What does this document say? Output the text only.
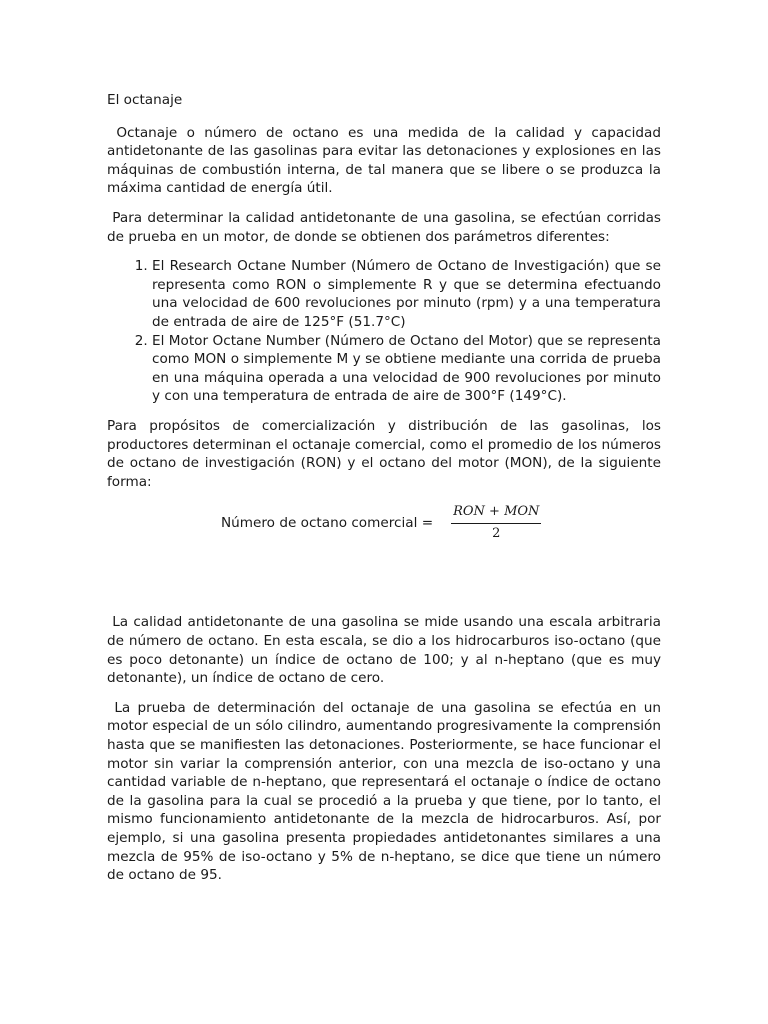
El octanaje

Octanaje o número de octano es una medida de la calidad y capacidad antidetonante de las gasolinas para evitar las detonaciones y explosiones en las máquinas de combustión interna, de tal manera que se libere o se produzca la máxima cantidad de energía útil.

Para determinar la calidad antidetonante de una gasolina, se efectúan corridas de prueba en un motor, de donde se obtienen dos parámetros diferentes:

1. El Research Octane Number (Número de Octano de Investigación) que se representa como RON o simplemente R y que se determina efectuando una velocidad de 600 revoluciones por minuto (rpm) y a una temperatura de entrada de aire de 125°F (51.7°C)
2. El Motor Octane Number (Número de Octano del Motor) que se representa como MON o simplemente M y se obtiene mediante una corrida de prueba en una máquina operada a una velocidad de 900 revoluciones por minuto y con una temperatura de entrada de aire de 300°F (149°C).

Para propósitos de comercialización y distribución de las gasolinas, los productores determinan el octanaje comercial, como el promedio de los números de octano de investigación (RON) y el octano del motor (MON), de la siguiente forma:

Número de octano comercial = $\frac{\text{RON + MON}}{2}$

La calidad antidetonante de una gasolina se mide usando una escala arbitraria de número de octano. En esta escala, se dio a los hidrocarburos iso-octano (que es poco detonante) un índice de octano de 100; y al n-heptano (que es muy detonante), un índice de octano de cero.

La prueba de determinación del octanaje de una gasolina se efectúa en un motor especial de un sólo cilindro, aumentando progresivamente la comprensión hasta que se manifiesten las detonaciones. Posteriormente, se hace funcionar el motor sin variar la comprensión anterior, con una mezcla de iso-octano y una cantidad variable de n-heptano, que representará el octanaje o índice de octano de la gasolina para la cual se procedió a la prueba y que tiene, por lo tanto, el mismo funcionamiento antidetonante de la mezcla de hidrocarburos. Así, por ejemplo, si una gasolina presenta propiedades antidetonantes similares a una mezcla de 95% de iso-octano y 5% de n-heptano, se dice que tiene un número de octano de 95.
